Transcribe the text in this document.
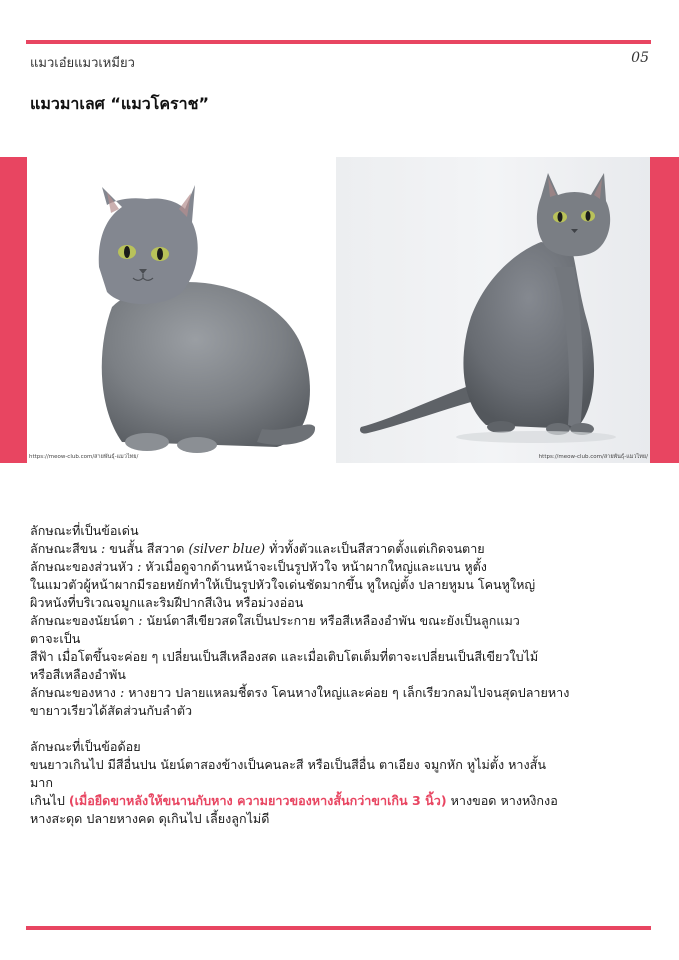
แมวเอ๋ยแมวเหมียว	05
แมวมาเลศ “แมวโคราช”
https://meow-club.com/สายพันธุ์-แมวไทย/	https://meow-club.com/สายพันธุ์-แมวไทย/

ลักษณะที่เป็นข้อเด่น

ลักษณะสีขน : ขนสั้น สีสวาด (silver blue) ทั่วทั้งตัวและเป็นสีสวาดตั้งแต่เกิดจนตาย

ลักษณะของส่วนหัว : หัวเมื่อดูจากด้านหน้าจะเป็นรูปหัวใจ หน้าผากใหญ่และแบน หูตั้ง

ในแมวตัวผู้หน้าผากมีรอยหยักทำให้เป็นรูปหัวใจเด่นชัดมากขึ้น หูใหญ่ตั้ง ปลายหูมน โคนหูใหญ่

ผิวหนังที่บริเวณจมูกและริมฝีปากสีเงิน หรือม่วงอ่อน

ลักษณะของนัยน์ตา : นัยน์ตาสีเขียวสดใสเป็นประกาย หรือสีเหลืองอำพัน ขณะยังเป็นลูกแมว

ตาจะเป็น

สีฟ้า เมื่อโตขึ้นจะค่อย ๆ เปลี่ยนเป็นสีเหลืองสด และเมื่อเติบโตเต็มที่ตาจะเปลี่ยนเป็นสีเขียวใบไม้

หรือสีเหลืองอำพัน

ลักษณะของหาง : หางยาว ปลายแหลมชี้ตรง โคนหางใหญ่และค่อย ๆ เล็กเรียวกลมไปจนสุดปลายหาง

ขายาวเรียวได้สัดส่วนกับลำตัว

ลักษณะที่เป็นข้อด้อย

ขนยาวเกินไป มีสีอื่นปน นัยน์ตาสองข้างเป็นคนละสี หรือเป็นสีอื่น ตาเอียง จมูกหัก หูไม่ตั้ง หางสั้น

มาก

เกินไป (เมื่อยืดขาหลังให้ขนานกับหาง ความยาวของหางสั้นกว่าขาเกิน 3 นิ้ว) หางขอด หางหงิกงอ

หางสะดุด ปลายหางคด ดุเกินไป เลี้ยงลูกไม่ดี
